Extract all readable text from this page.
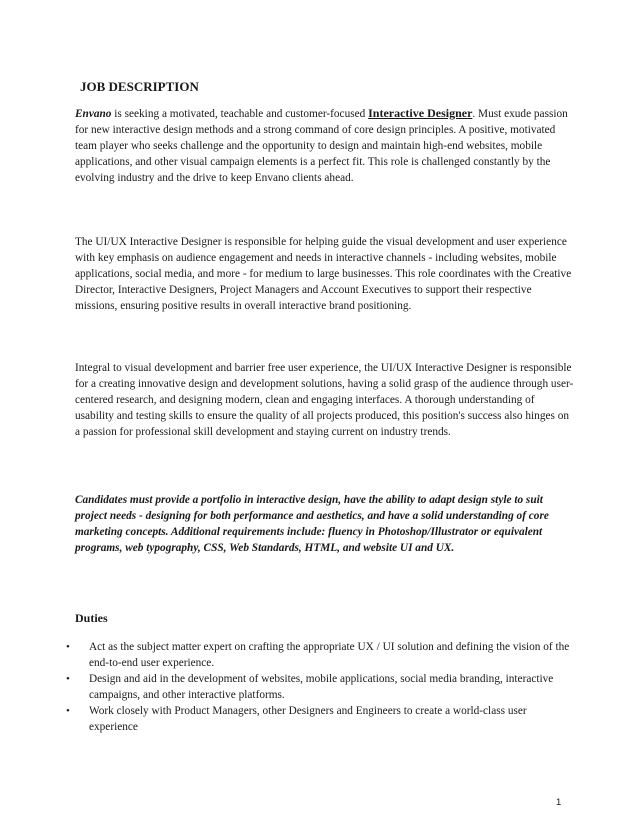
JOB DESCRIPTION

Envano is seeking a motivated, teachable and customer-focused Interactive Designer. Must exude passion for new interactive design methods and a strong command of core design principles. A positive, motivated team player who seeks challenge and the opportunity to design and maintain high-end websites, mobile applications, and other visual campaign elements is a perfect fit. This role is challenged constantly by the evolving industry and the drive to keep Envano clients ahead.

The UI/UX Interactive Designer is responsible for helping guide the visual development and user experience with key emphasis on audience engagement and needs in interactive channels - including websites, mobile applications, social media, and more - for medium to large businesses. This role coordinates with the Creative Director, Interactive Designers, Project Managers and Account Executives to support their respective missions, ensuring positive results in overall interactive brand positioning.

Integral to visual development and barrier free user experience, the UI/UX Interactive Designer is responsible for a creating innovative design and development solutions, having a solid grasp of the audience through user-centered research, and designing modern, clean and engaging interfaces. A thorough understanding of usability and testing skills to ensure the quality of all projects produced, this position's success also hinges on a passion for professional skill development and staying current on industry trends.

Candidates must provide a portfolio in interactive design, have the ability to adapt design style to suit project needs - designing for both performance and aesthetics, and have a solid understanding of core marketing concepts. Additional requirements include: fluency in Photoshop/Illustrator or equivalent programs, web typography, CSS, Web Standards, HTML, and website UI and UX.

Duties

• Act as the subject matter expert on crafting the appropriate UX / UI solution and defining the vision of the end-to-end user experience.
• Design and aid in the development of websites, mobile applications, social media branding, interactive campaigns, and other interactive platforms.
• Work closely with Product Managers, other Designers and Engineers to create a world-class user experience

1
